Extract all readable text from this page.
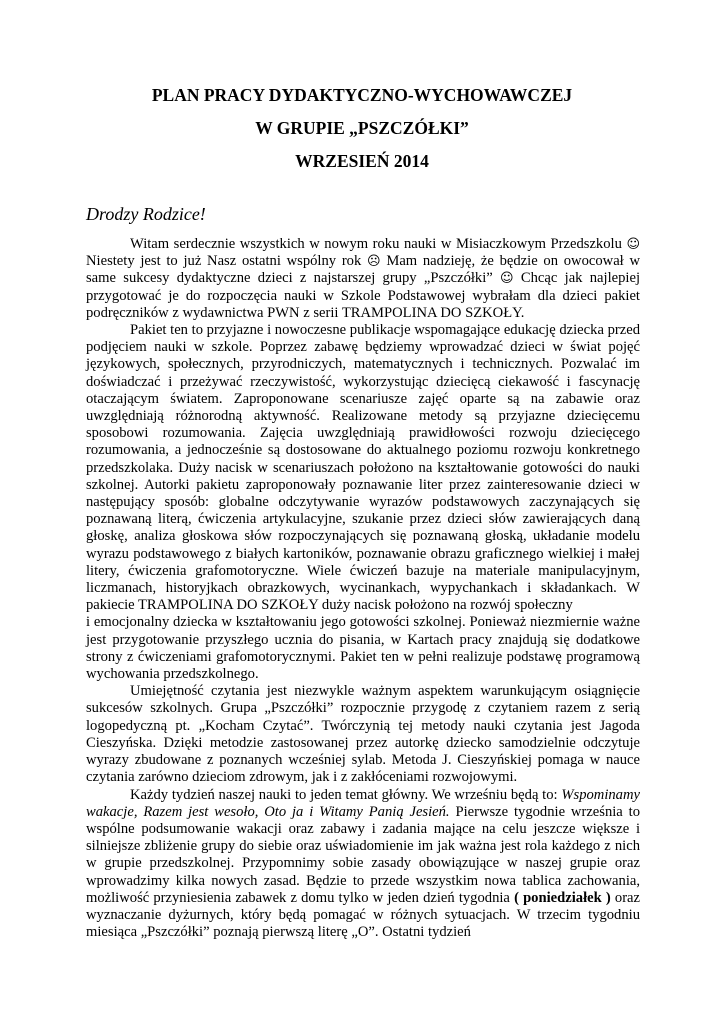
PLAN PRACY DYDAKTYCZNO-WYCHOWAWCZEJ
W GRUPIE „PSZCZÓŁKI”
WRZESIEŃ 2014
Drodzy Rodzice!

Witam serdecznie wszystkich w nowym roku nauki w Misiaczkowym Przedszkolu ☺ Niestety jest to już Nasz ostatni wspólny rok ☹ Mam nadzieję, że będzie on owocował w same sukcesy dydaktyczne dzieci z najstarszej grupy „Pszczółki” ☺ Chcąc jak najlepiej przygotować je do rozpoczęcia nauki w Szkole Podstawowej wybrałam dla dzieci pakiet podręczników z wydawnictwa PWN z serii TRAMPOLINA DO SZKOŁY.

Pakiet ten to przyjazne i nowoczesne publikacje wspomagające edukację dziecka przed podjęciem nauki w szkole. Poprzez zabawę będziemy wprowadzać dzieci w świat pojęć językowych, społecznych, przyrodniczych, matematycznych i technicznych. Pozwalać im doświadczać i przeżywać rzeczywistość, wykorzystując dziecięcą ciekawość i fascynację otaczającym światem. Zaproponowane scenariusze zajęć oparte są na zabawie oraz uwzględniają różnorodną aktywność. Realizowane metody są przyjazne dziecięcemu sposobowi rozumowania. Zajęcia uwzględniają prawidłowości rozwoju dziecięcego rozumowania, a jednocześnie są dostosowane do aktualnego poziomu rozwoju konkretnego przedszkolaka. Duży nacisk w scenariuszach położono na kształtowanie gotowości do nauki szkolnej. Autorki pakietu zaproponowały poznawanie liter przez zainteresowanie dzieci w następujący sposób: globalne odczytywanie wyrazów podstawowych zaczynających się poznawaną literą, ćwiczenia artykulacyjne, szukanie przez dzieci słów zawierających daną głoskę, analiza głoskowa słów rozpoczynających się poznawaną głoską, układanie modelu wyrazu podstawowego z białych kartoników, poznawanie obrazu graficznego wielkiej i małej litery, ćwiczenia grafomotoryczne. Wiele ćwiczeń bazuje na materiale manipulacyjnym, liczmanach, historyjkach obrazkowych, wycinankach, wypychankach i składankach. W pakiecie TRAMPOLINA DO SZKOŁY duży nacisk położono na rozwój społeczny

i emocjonalny dziecka w kształtowaniu jego gotowości szkolnej. Ponieważ niezmiernie ważne jest przygotowanie przyszłego ucznia do pisania, w Kartach pracy znajdują się dodatkowe strony z ćwiczeniami grafomotorycznymi. Pakiet ten w pełni realizuje podstawę programową wychowania przedszkolnego.

Umiejętność czytania jest niezwykle ważnym aspektem warunkującym osiągnięcie sukcesów szkolnych. Grupa „Pszczółki” rozpocznie przygodę z czytaniem razem z serią logopedyczną pt. „Kocham Czytać”. Twórczynią tej metody nauki czytania jest Jagoda Cieszyńska. Dzięki metodzie zastosowanej przez autorkę dziecko samodzielnie odczytuje wyrazy zbudowane z poznanych wcześniej sylab. Metoda J. Cieszyńskiej pomaga w nauce czytania zarówno dzieciom zdrowym, jak i z zakłóceniami rozwojowymi.

Każdy tydzień naszej nauki to jeden temat główny. We wrześniu będą to: Wspominamy wakacje, Razem jest wesoło, Oto ja i Witamy Panią Jesień. Pierwsze tygodnie września to wspólne podsumowanie wakacji oraz zabawy i zadania mające na celu jeszcze większe i silniejsze zbliżenie grupy do siebie oraz uświadomienie im jak ważna jest rola każdego z nich w grupie przedszkolnej. Przypomnimy sobie zasady obowiązujące w naszej grupie oraz wprowadzimy kilka nowych zasad. Będzie to przede wszystkim nowa tablica zachowania, możliwość przyniesienia zabawek z domu tylko w jeden dzień tygodnia ( poniedziałek ) oraz wyznaczanie dyżurnych, który będą pomagać w różnych sytuacjach. W trzecim tygodniu miesiąca „Pszczółki” poznają pierwszą literę „O”. Ostatni tydzień
